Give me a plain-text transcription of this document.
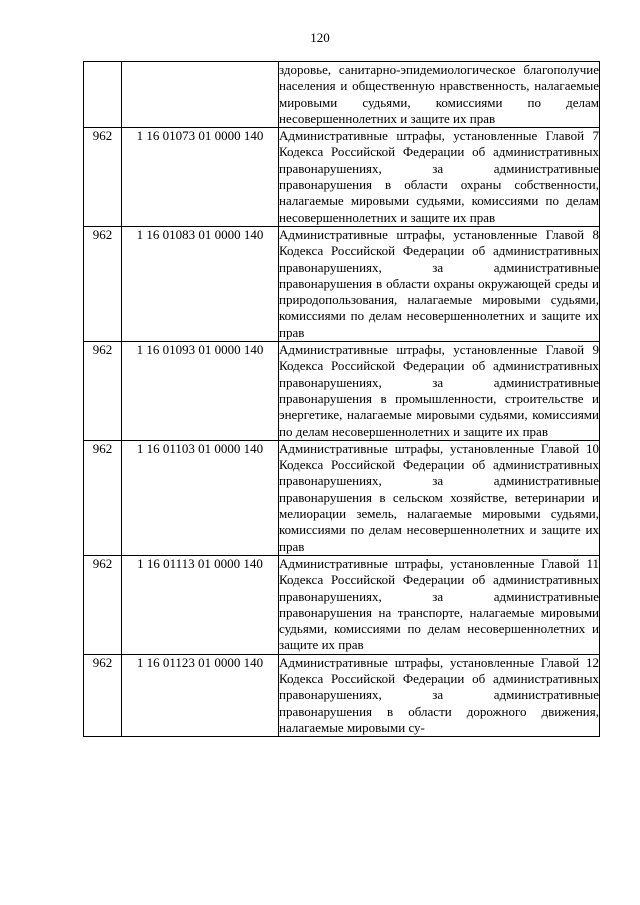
120

		здоровье, санитарно-эпидемиологическое благополучие населения и общественную нравственность, налагаемые мировыми судьями, комиссиями по делам несовершеннолетних и защите их прав

962	1 16 01073 01 0000 140	Административные штрафы, установленные Главой 7 Кодекса Российской Федерации об административных правонарушениях, за административные правонарушения в области охраны собственности, налагаемые мировыми судьями, комиссиями по делам несовершеннолетних и защите их прав

962	1 16 01083 01 0000 140	Административные штрафы, установленные Главой 8 Кодекса Российской Федерации об административных правонарушениях, за административные правонарушения в области охраны окружающей среды и природопользования, налагаемые мировыми судьями, комиссиями по делам несовершеннолетних и защите их прав

962	1 16 01093 01 0000 140	Административные штрафы, установленные Главой 9 Кодекса Российской Федерации об административных правонарушениях, за административные правонарушения в промышленности, строительстве и энергетике, налагаемые мировыми судьями, комиссиями по делам несовершеннолетних и защите их прав

962	1 16 01103 01 0000 140	Административные штрафы, установленные Главой 10 Кодекса Российской Федерации об административных правонарушениях, за административные правонарушения в сельском хозяйстве, ветеринарии и мелиорации земель, налагаемые мировыми судьями, комиссиями по делам несовершеннолетних и защите их прав

962	1 16 01113 01 0000 140	Административные штрафы, установленные Главой 11 Кодекса Российской Федерации об административных правонарушениях, за административные правонарушения на транспорте, налагаемые мировыми судьями, комиссиями по делам несовершеннолетних и защите их прав

962	1 16 01123 01 0000 140	Административные штрафы, установленные Главой 12 Кодекса Российской Федерации об административных правонарушениях, за административные правонарушения в области дорожного движения, налагаемые мировыми су-
